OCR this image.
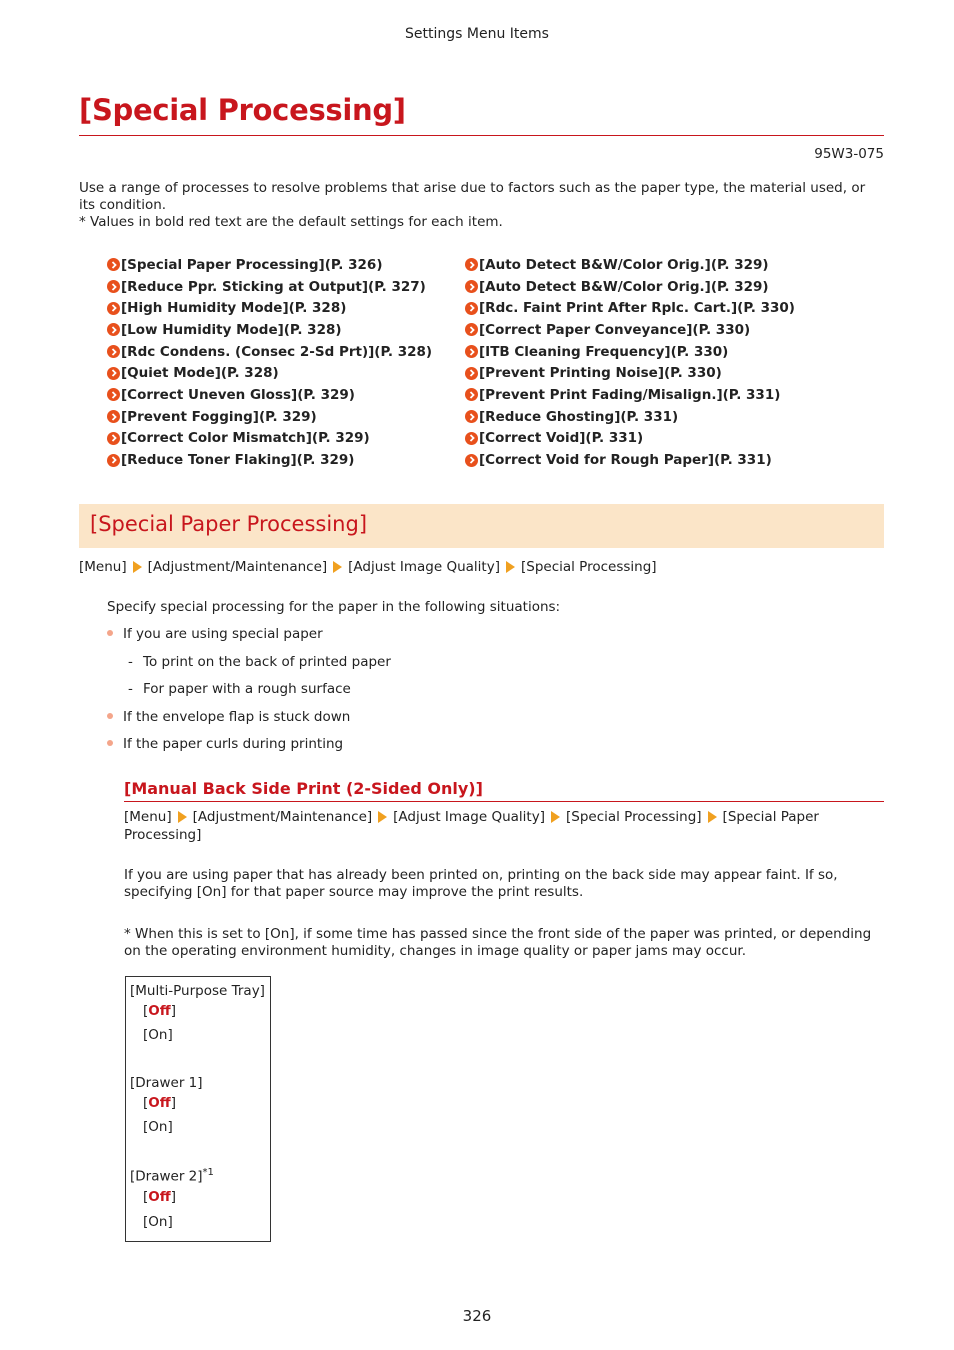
Settings Menu Items
[Special Processing]
95W3-075

Use a range of processes to resolve problems that arise due to factors such as the paper type, the material used, or its condition.

* Values in bold red text are the default settings for each item.

[Special Paper Processing](P. 326)
[Reduce Ppr. Sticking at Output](P. 327)
[High Humidity Mode](P. 328)
[Low Humidity Mode](P. 328)
[Rdc Condens. (Consec 2-Sd Prt)](P. 328)
[Quiet Mode](P. 328)
[Correct Uneven Gloss](P. 329)
[Prevent Fogging](P. 329)
[Correct Color Mismatch](P. 329)
[Reduce Toner Flaking](P. 329)
[Auto Detect B&W/Color Orig.](P. 329)
[Auto Detect B&W/Color Orig.](P. 329)
[Rdc. Faint Print After Rplc. Cart.](P. 330)
[Correct Paper Conveyance](P. 330)
[ITB Cleaning Frequency](P. 330)
[Prevent Printing Noise](P. 330)
[Prevent Print Fading/Misalign.](P. 331)
[Reduce Ghosting](P. 331)
[Correct Void](P. 331)
[Correct Void for Rough Paper](P. 331)
[Special Paper Processing]
[Menu] [Adjustment/Maintenance] [Adjust Image Quality] [Special Processing]
Specify special processing for the paper in the following situations:
If you are using special paper
- To print on the back of printed paper
- For paper with a rough surface
If the envelope flap is stuck down
If the paper curls during printing
[Manual Back Side Print (2-Sided Only)]
[Menu] [Adjustment/Maintenance] [Adjust Image Quality] [Special Processing] [Special Paper Processing]
If you are using paper that has already been printed on, printing on the back side may appear faint. If so, specifying [On] for that paper source may improve the print results.
* When this is set to [On], if some time has passed since the front side of the paper was printed, or depending on the operating environment humidity, changes in image quality or paper jams may occur.
[Multi-Purpose Tray]
[Off]
[On]
[Drawer 1]
[Off]
[On]
[Drawer 2]$^{*1}$
[Off]
[On]
326
